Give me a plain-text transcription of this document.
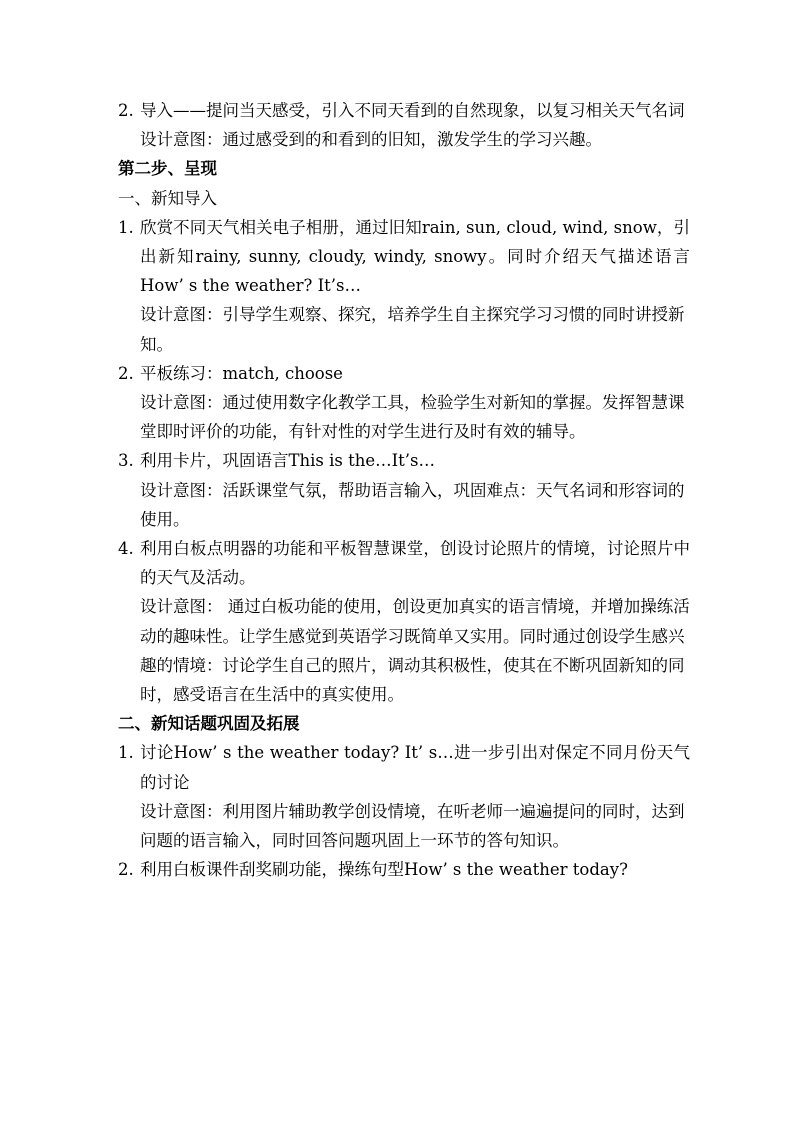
2. 导入——提问当天感受，引入不同天看到的自然现象，以复习相关天气名词

设计意图：通过感受到的和看到的旧知，激发学生的学习兴趣。

第二步、呈现

一、新知导入

1. 欣赏不同天气相关电子相册，通过旧知rain, sun, cloud, wind, snow，引出新知rainy, sunny, cloudy, windy, snowy。同时介绍天气描述语言How’ s the weather? It’s…

设计意图：引导学生观察、探究，培养学生自主探究学习习惯的同时讲授新知。

2. 平板练习：match, choose

设计意图：通过使用数字化教学工具，检验学生对新知的掌握。发挥智慧课堂即时评价的功能，有针对性的对学生进行及时有效的辅导。

3. 利用卡片，巩固语言This is the…It’s…

设计意图：活跃课堂气氛，帮助语言输入，巩固难点：天气名词和形容词的使用。

4. 利用白板点明器的功能和平板智慧课堂，创设讨论照片的情境，讨论照片中的天气及活动。

设计意图： 通过白板功能的使用，创设更加真实的语言情境，并增加操练活动的趣味性。让学生感觉到英语学习既简单又实用。同时通过创设学生感兴趣的情境：讨论学生自己的照片，调动其积极性，使其在不断巩固新知的同时，感受语言在生活中的真实使用。

二、新知话题巩固及拓展

1. 讨论How’ s the weather today? It’ s…进一步引出对保定不同月份天气的讨论

设计意图：利用图片辅助教学创设情境，在听老师一遍遍提问的同时，达到问题的语言输入，同时回答问题巩固上一环节的答句知识。

2. 利用白板课件刮奖刷功能，操练句型How’ s the weather today?
